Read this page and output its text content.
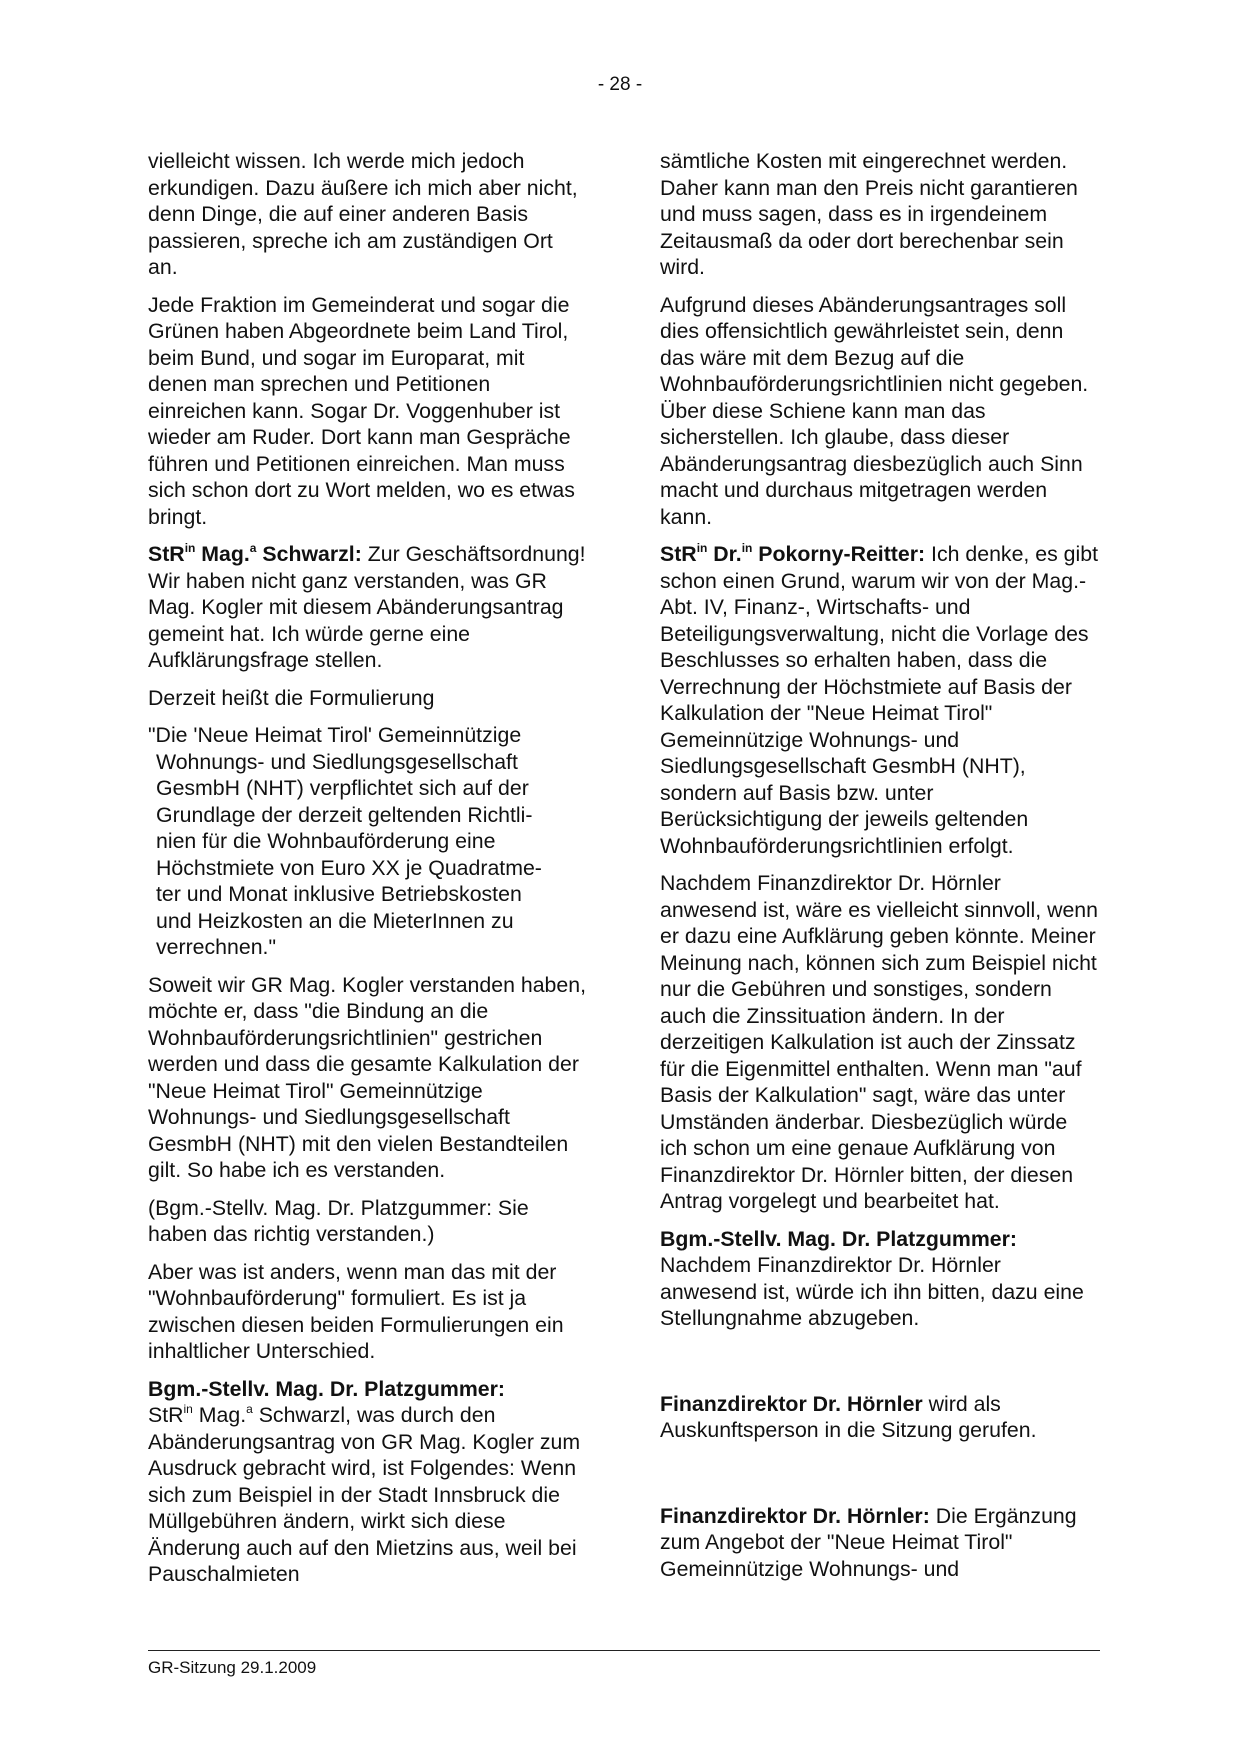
- 28 -

vielleicht wissen. Ich werde mich jedoch erkundigen. Dazu äußere ich mich aber nicht, denn Dinge, die auf einer anderen Basis passieren, spreche ich am zuständigen Ort an.

Jede Fraktion im Gemeinderat und sogar die Grünen haben Abgeordnete beim Land Tirol, beim Bund, und sogar im Europarat, mit denen man sprechen und Petitionen einreichen kann. Sogar Dr. Voggenhuber ist wieder am Ruder. Dort kann man Gespräche führen und Petitionen einreichen. Man muss sich schon dort zu Wort melden, wo es etwas bringt.

StR$^{in}$ Mag.$^a$ Schwarzl: Zur Geschäftsordnung! Wir haben nicht ganz verstanden, was GR Mag. Kogler mit diesem Abänderungsantrag gemeint hat. Ich würde gerne eine Aufklärungsfrage stellen.

Derzeit heißt die Formulierung

"Die 'Neue Heimat Tirol' Gemeinnützige
Wohnungs- und Siedlungsgesellschaft
GesmbH (NHT) verpflichtet sich auf der
Grundlage der derzeit geltenden Richtli-
nien für die Wohnbauförderung eine
Höchstmiete von Euro XX je Quadratme-
ter und Monat inklusive Betriebskosten
und Heizkosten an die MieterInnen zu
verrechnen."

Soweit wir GR Mag. Kogler verstanden haben, möchte er, dass "die Bindung an die Wohnbauförderungsrichtlinien" gestrichen werden und dass die gesamte Kalkulation der "Neue Heimat Tirol" Gemeinnützige Wohnungs- und Siedlungsgesellschaft GesmbH (NHT) mit den vielen Bestandteilen gilt. So habe ich es verstanden.

(Bgm.-Stellv. Mag. Dr. Platzgummer: Sie haben das richtig verstanden.)

Aber was ist anders, wenn man das mit der "Wohnbauförderung" formuliert. Es ist ja zwischen diesen beiden Formulierungen ein inhaltlicher Unterschied.

Bgm.-Stellv. Mag. Dr. Platzgummer:
StR$^{in}$ Mag.$^a$ Schwarzl, was durch den Abänderungsantrag von GR Mag. Kogler zum Ausdruck gebracht wird, ist Folgendes: Wenn sich zum Beispiel in der Stadt Innsbruck die Müllgebühren ändern, wirkt sich diese Änderung auch auf den Mietzins aus, weil bei Pauschalmieten

sämtliche Kosten mit eingerechnet werden. Daher kann man den Preis nicht garantieren und muss sagen, dass es in irgendeinem Zeitausmaß da oder dort berechenbar sein wird.

Aufgrund dieses Abänderungsantrages soll dies offensichtlich gewährleistet sein, denn das wäre mit dem Bezug auf die Wohnbauförderungsrichtlinien nicht gegeben. Über diese Schiene kann man das sicherstellen. Ich glaube, dass dieser Abänderungsantrag diesbezüglich auch Sinn macht und durchaus mitgetragen werden kann.

StR$^{in}$ Dr.$^{in}$ Pokorny-Reitter: Ich denke, es gibt schon einen Grund, warum wir von der Mag.-Abt. IV, Finanz-, Wirtschafts- und Beteiligungsverwaltung, nicht die Vorlage des Beschlusses so erhalten haben, dass die Verrechnung der Höchstmiete auf Basis der Kalkulation der "Neue Heimat Tirol" Gemeinnützige Wohnungs- und Siedlungsgesellschaft GesmbH (NHT), sondern auf Basis bzw. unter Berücksichtigung der jeweils geltenden Wohnbauförderungsrichtlinien erfolgt.

Nachdem Finanzdirektor Dr. Hörnler anwesend ist, wäre es vielleicht sinnvoll, wenn er dazu eine Aufklärung geben könnte. Meiner Meinung nach, können sich zum Beispiel nicht nur die Gebühren und sonstiges, sondern auch die Zinssituation ändern. In der derzeitigen Kalkulation ist auch der Zinssatz für die Eigenmittel enthalten. Wenn man "auf Basis der Kalkulation" sagt, wäre das unter Umständen änderbar. Diesbezüglich würde ich schon um eine genaue Aufklärung von Finanzdirektor Dr. Hörnler bitten, der diesen Antrag vorgelegt und bearbeitet hat.

Bgm.-Stellv. Mag. Dr. Platzgummer:
Nachdem Finanzdirektor Dr. Hörnler anwesend ist, würde ich ihn bitten, dazu eine Stellungnahme abzugeben.

Finanzdirektor Dr. Hörnler wird als Auskunftsperson in die Sitzung gerufen.

Finanzdirektor Dr. Hörnler: Die Ergänzung zum Angebot der "Neue Heimat Tirol" Gemeinnützige Wohnungs- und

GR-Sitzung 29.1.2009
